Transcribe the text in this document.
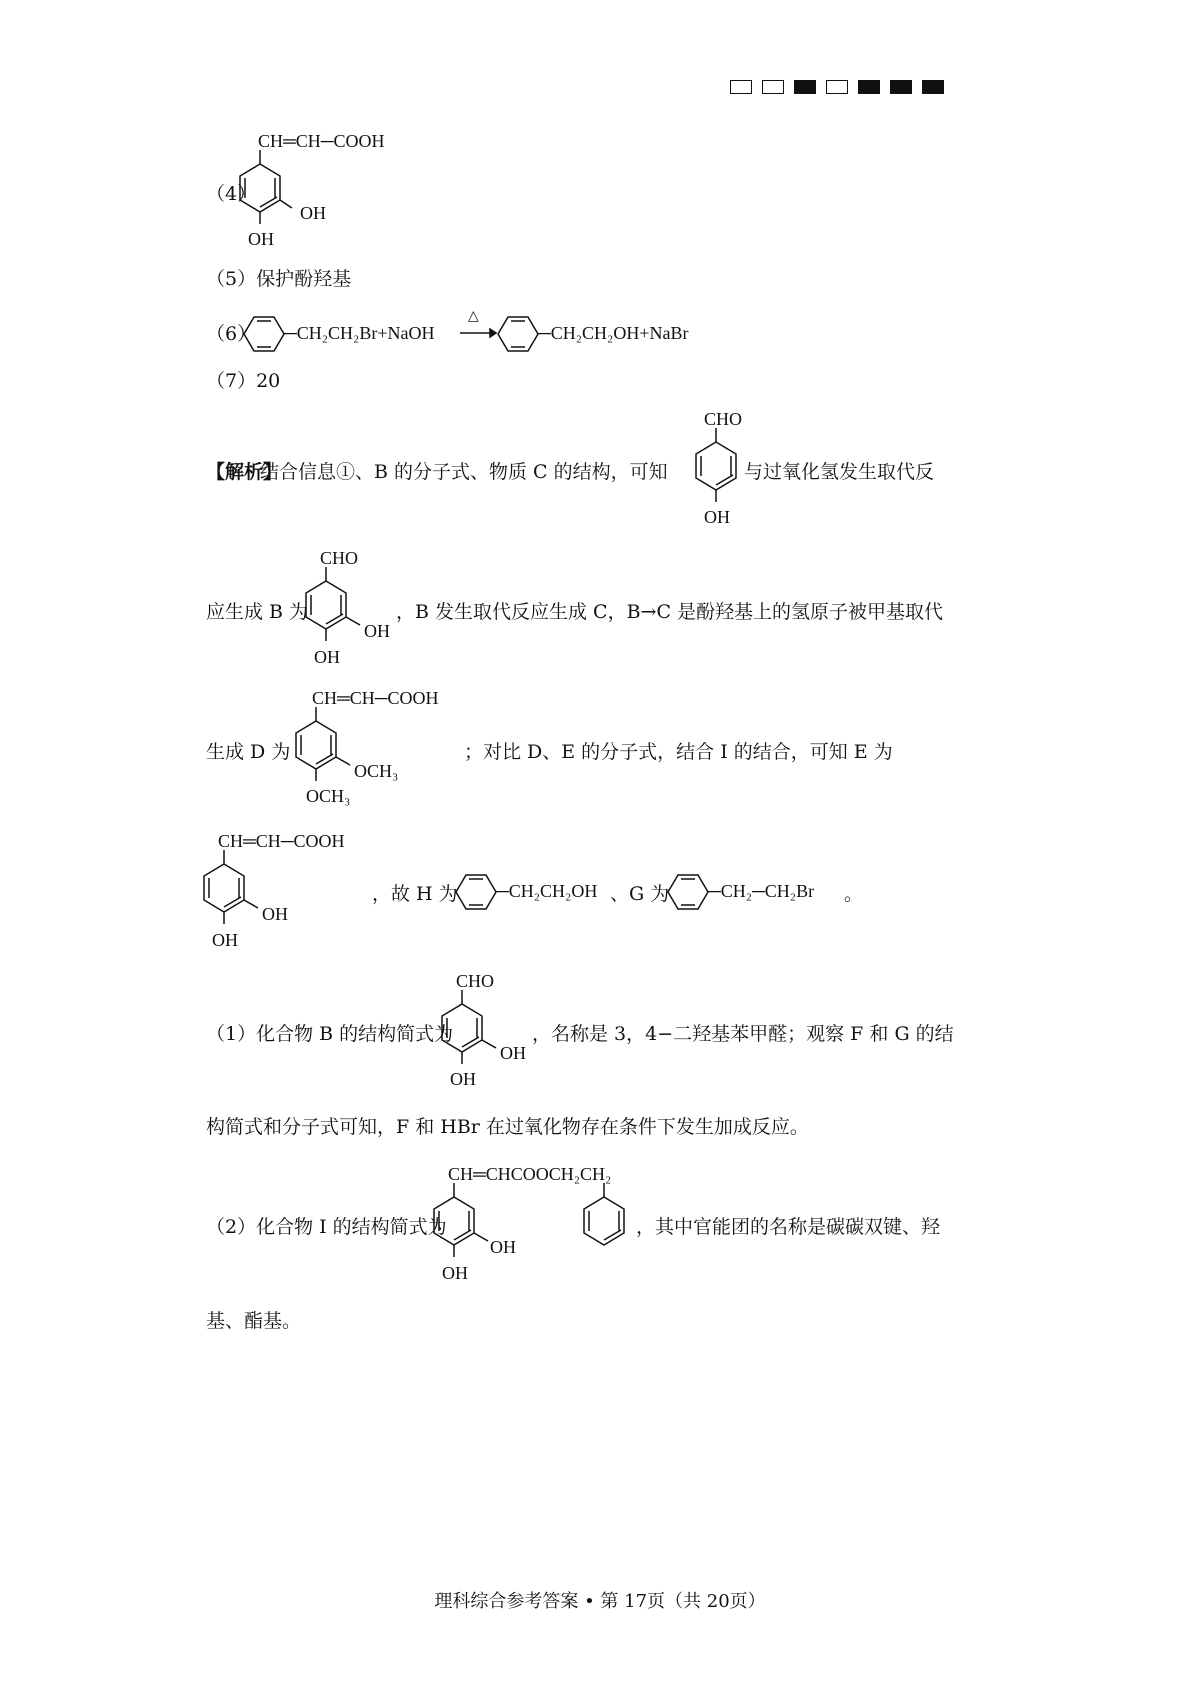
CH═CH─COOH
（4）
OH
OH
（5）保护酚羟基
（6） ─CH₂CH₂Br+NaOH
△
─CH₂CH₂OH+NaBr
（7）20
CHO
【解析】
结合信息①、B 的分子式、物质 C 的结构，可知	与过氧化氢发生取代反
OH
CHO
应生成 B 为	，B 发生取代反应生成 C，B→C 是酚羟基上的氢原子被甲基取代
OH
OH
CH═CH─COOH
生成 D 为	；对比 D、E 的分子式，结合 I 的结合，可知 E 为
OCH₃
OCH₃
CH═CH─COOH
，故 H 为 ─CH₂CH₂OH 、G 为 ─CH₂─CH₂Br 。
OH
OH
CHO
（1）化合物 B 的结构简式为	，名称是 3，4−二羟基苯甲醛；观察 F 和 G 的结
OH
OH
构简式和分子式可知，F 和 HBr 在过氧化物存在条件下发生加成反应。
CH═CHCOOCH₂CH₂
（2）化合物 I 的结构简式为	，其中官能团的名称是碳碳双键、羟
OH
OH
基、酯基。
理科综合参考答案 • 第 17页（共 20页）
